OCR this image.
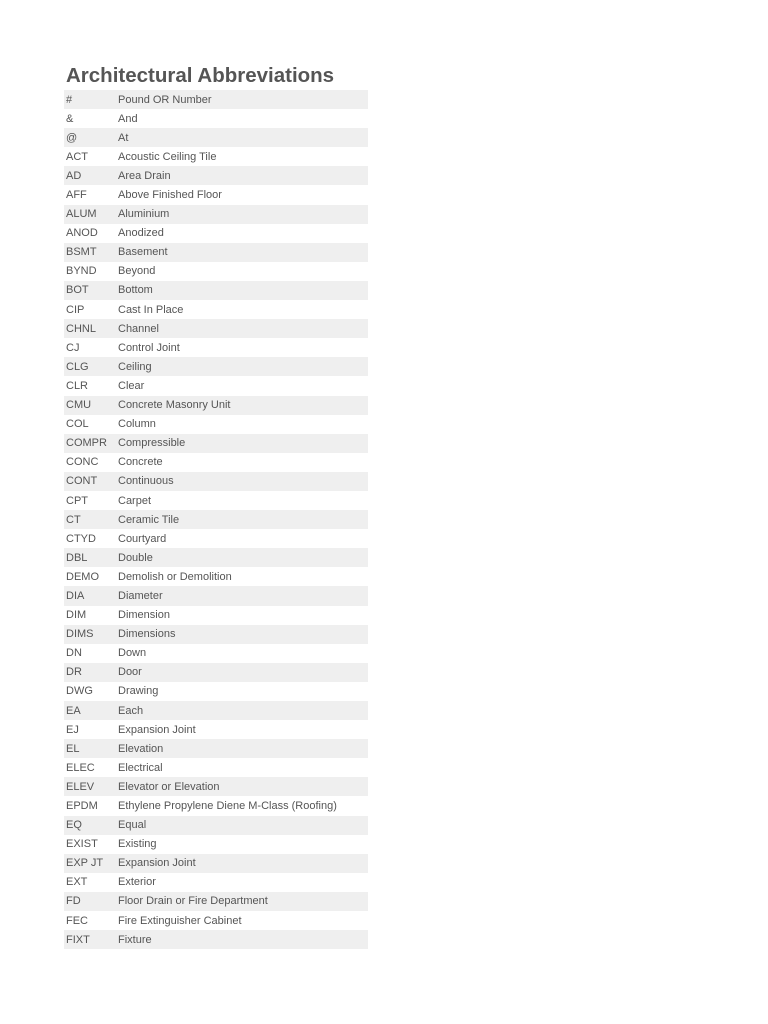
Architectural Abbreviations
#	Pound OR Number
&	And
@	At
ACT	Acoustic Ceiling Tile
AD	Area Drain
AFF	Above Finished Floor
ALUM	Aluminium
ANOD	Anodized
BSMT	Basement
BYND	Beyond
BOT	Bottom
CIP	Cast In Place
CHNL	Channel
CJ	Control Joint
CLG	Ceiling
CLR	Clear
CMU	Concrete Masonry Unit
COL	Column
COMPR	Compressible
CONC	Concrete
CONT	Continuous
CPT	Carpet
CT	Ceramic Tile
CTYD	Courtyard
DBL	Double
DEMO	Demolish or Demolition
DIA	Diameter
DIM	Dimension
DIMS	Dimensions
DN	Down
DR	Door
DWG	Drawing
EA	Each
EJ	Expansion Joint
EL	Elevation
ELEC	Electrical
ELEV	Elevator or Elevation
EPDM	Ethylene Propylene Diene M-Class (Roofing)
EQ	Equal
EXIST	Existing
EXP JT	Expansion Joint
EXT	Exterior
FD	Floor Drain or Fire Department
FEC	Fire Extinguisher Cabinet
FIXT	Fixture
